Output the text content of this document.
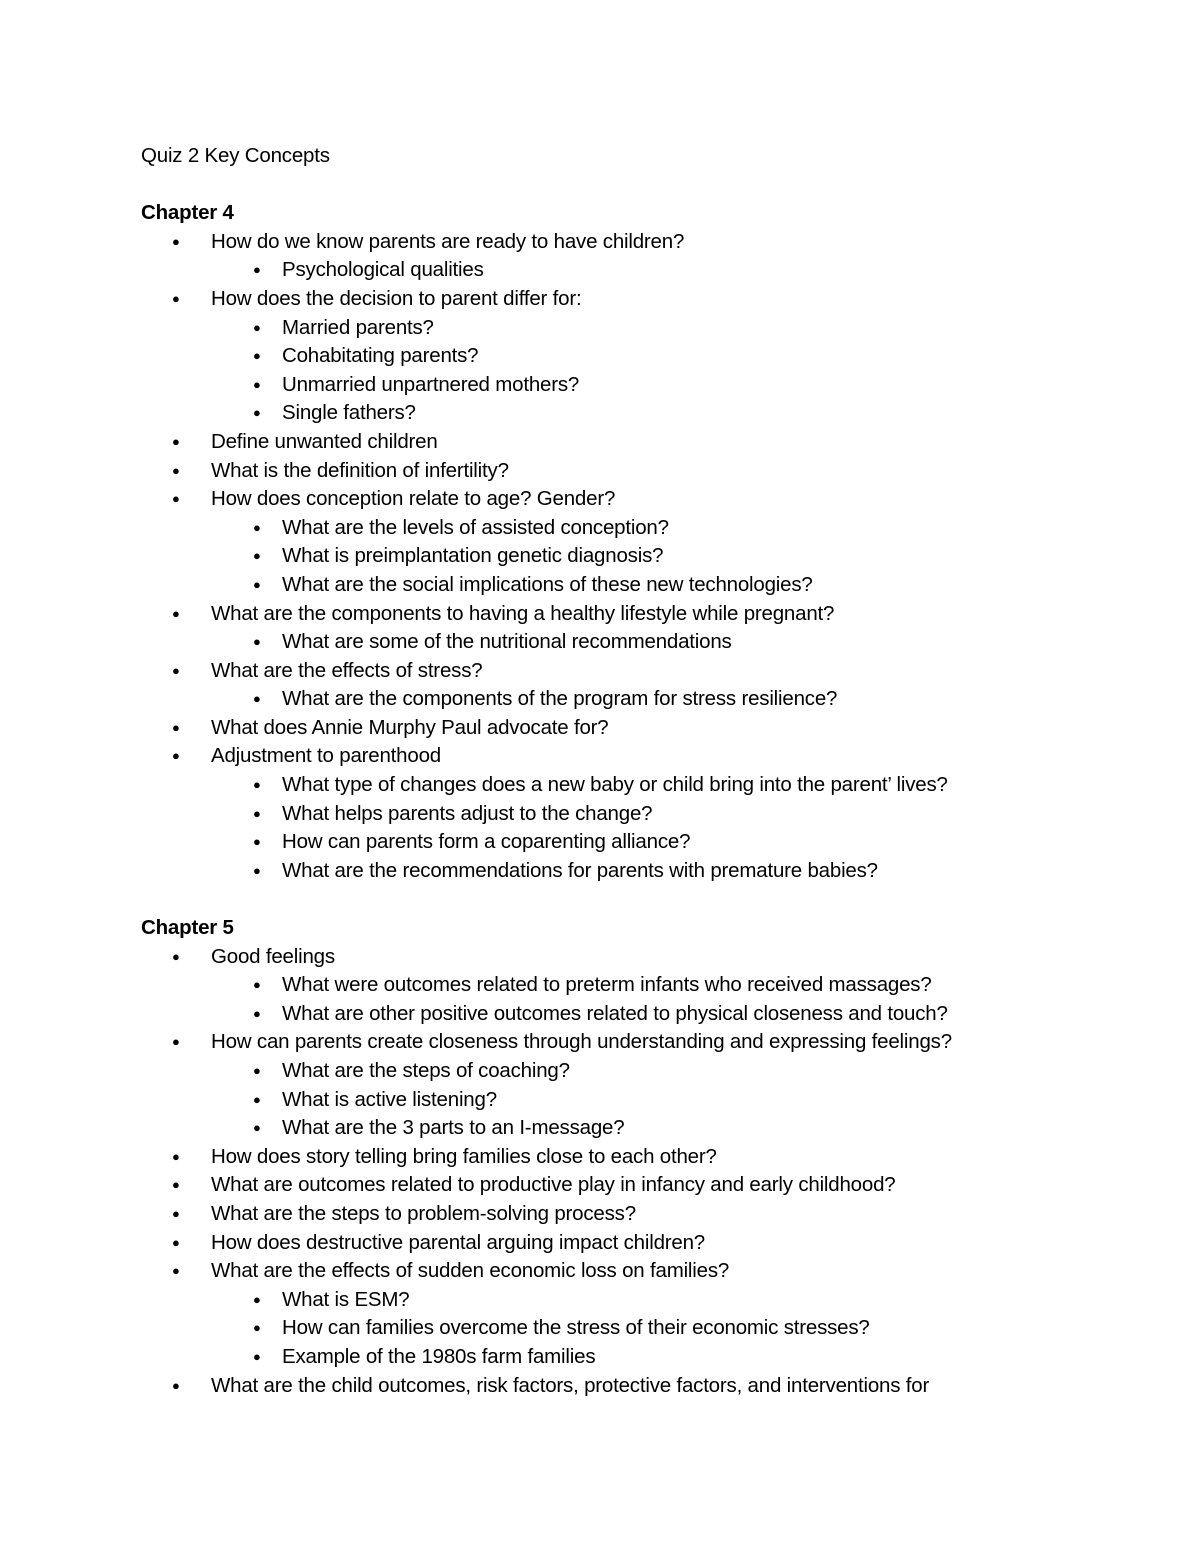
Quiz 2 Key Concepts
Chapter 4
● How do we know parents are ready to have children?
● Psychological qualities
● How does the decision to parent differ for:
● Married parents?
● Cohabitating parents?
● Unmarried unpartnered mothers?
● Single fathers?
● Define unwanted children
● What is the definition of infertility?
● How does conception relate to age? Gender?
● What are the levels of assisted conception?
● What is preimplantation genetic diagnosis?
● What are the social implications of these new technologies?
● What are the components to having a healthy lifestyle while pregnant?
● What are some of the nutritional recommendations
● What are the effects of stress?
● What are the components of the program for stress resilience?
● What does Annie Murphy Paul advocate for?
● Adjustment to parenthood
● What type of changes does a new baby or child bring into the parent’ lives?
● What helps parents adjust to the change?
● How can parents form a coparenting alliance?
● What are the recommendations for parents with premature babies?
Chapter 5
● Good feelings
● What were outcomes related to preterm infants who received massages?
● What are other positive outcomes related to physical closeness and touch?
● How can parents create closeness through understanding and expressing feelings?
● What are the steps of coaching?
● What is active listening?
● What are the 3 parts to an I-message?
● How does story telling bring families close to each other?
● What are outcomes related to productive play in infancy and early childhood?
● What are the steps to problem-solving process?
● How does destructive parental arguing impact children?
● What are the effects of sudden economic loss on families?
● What is ESM?
● How can families overcome the stress of their economic stresses?
● Example of the 1980s farm families
● What are the child outcomes, risk factors, protective factors, and interventions for
